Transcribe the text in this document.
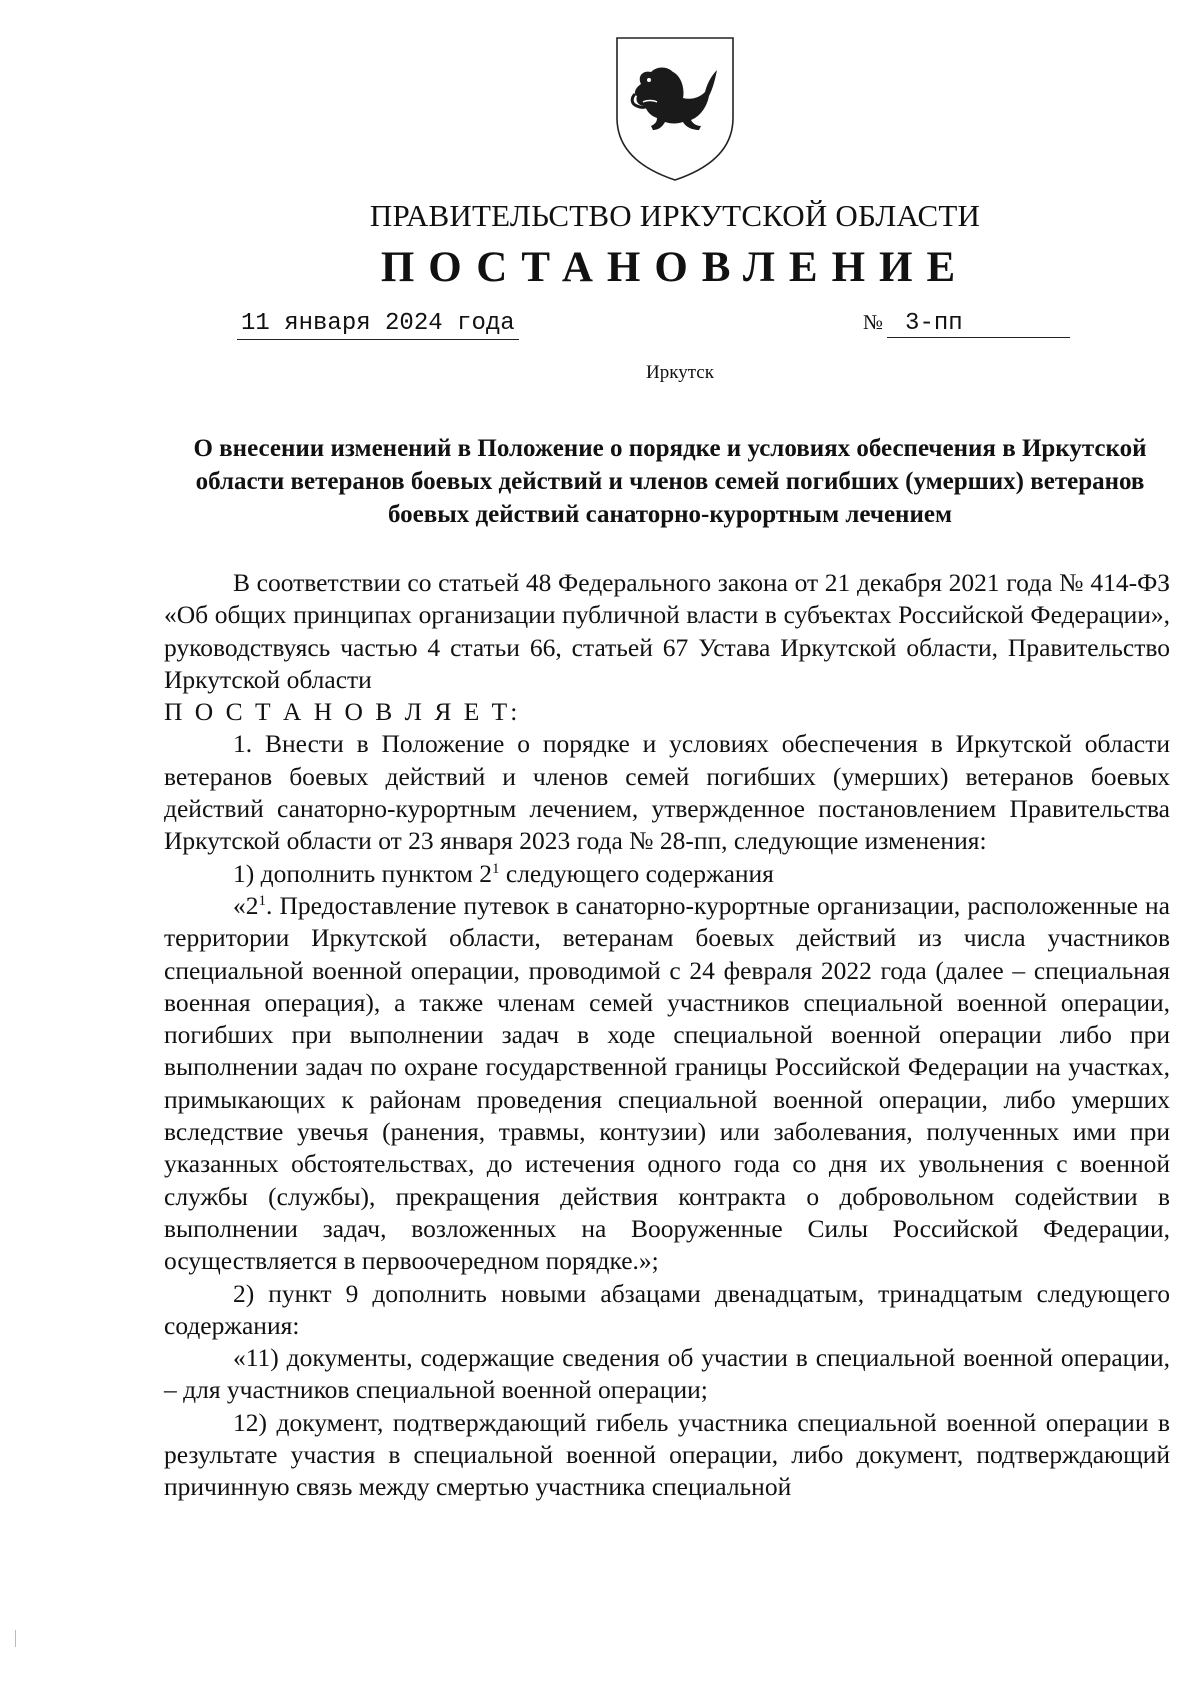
ПРАВИТЕЛЬСТВО ИРКУТСКОЙ ОБЛАСТИ
ПОСТАНОВЛЕНИЕ
11 января 2024 года	№ 3-пп
Иркутск
О внесении изменений в Положение о порядке и условиях обеспечения в Иркутской области ветеранов боевых действий и членов семей погибших (умерших) ветеранов боевых действий санаторно-курортным лечением

В соответствии со статьей 48 Федерального закона от 21 декабря 2021 года № 414-ФЗ «Об общих принципах организации публичной власти в субъектах Российской Федерации», руководствуясь частью 4 статьи 66, статьей 67 Устава Иркутской области, Правительство Иркутской области

П О С Т А Н О В Л Я Е Т:

1. Внести в Положение о порядке и условиях обеспечения в Иркутской области ветеранов боевых действий и членов семей погибших (умерших) ветеранов боевых действий санаторно-курортным лечением, утвержденное постановлением Правительства Иркутской области от 23 января 2023 года № 28-пп, следующие изменения:

1) дополнить пунктом $2^1$ следующего содержания

«$2^1$. Предоставление путевок в санаторно-курортные организации, расположенные на территории Иркутской области, ветеранам боевых действий из числа участников специальной военной операции, проводимой с 24 февраля 2022 года (далее – специальная военная операция), а также членам семей участников специальной военной операции, погибших при выполнении задач в ходе специальной военной операции либо при выполнении задач по охране государственной границы Российской Федерации на участках, примыкающих к районам проведения специальной военной операции, либо умерших вследствие увечья (ранения, травмы, контузии) или заболевания, полученных ими при указанных обстоятельствах, до истечения одного года со дня их увольнения с военной службы (службы), прекращения действия контракта о добровольном содействии в выполнении задач, возложенных на Вооруженные Силы Российской Федерации, осуществляется в первоочередном порядке.»;

2) пункт 9 дополнить новыми абзацами двенадцатым, тринадцатым следующего содержания:

«11) документы, содержащие сведения об участии в специальной военной операции, – для участников специальной военной операции;

12) документ, подтверждающий гибель участника специальной военной операции в результате участия в специальной военной операции, либо документ, подтверждающий причинную связь между смертью участника специальной
